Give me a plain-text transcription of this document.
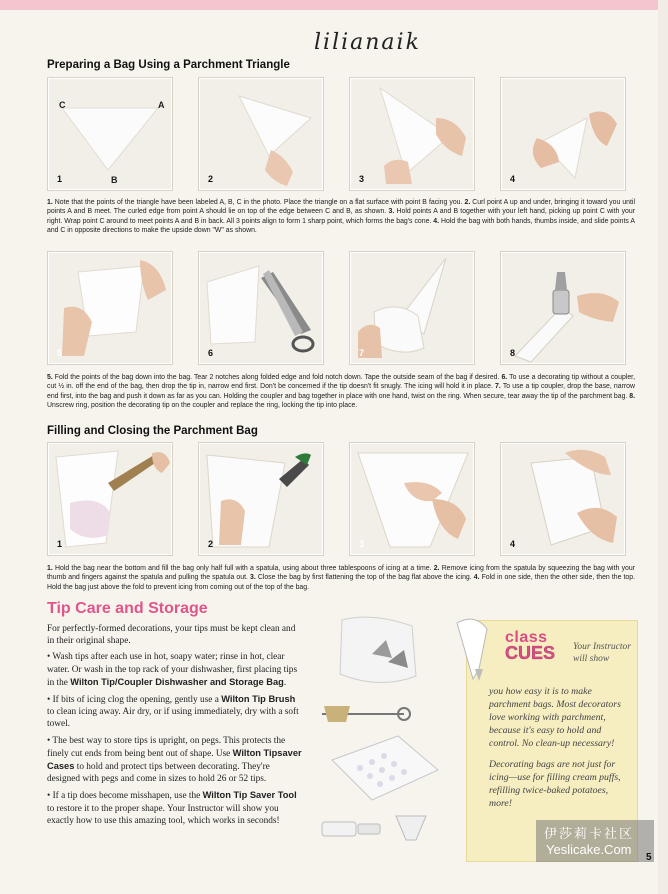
lilianaik
Preparing a Bag Using a Parchment Triangle
C	A
B
1	2	3	4
1. Note that the points of the triangle have been labeled A, B, C in the photo. Place the triangle on a flat surface with point B facing you. 2. Curl point A up and under, bringing it toward you until points A and B meet. The curled edge from point A should lie on top of the edge between C and B, as shown. 3. Hold points A and B together with your left hand, picking up point C with your right. Wrap point C around to meet points A and B in back. All 3 points align to form 1 sharp point, which forms the bag's cone. 4. Hold the bag with both hands, thumbs inside, and slide points A and C in opposite directions to make the upside down "W" as shown.
5	6	7	8
5. Fold the points of the bag down into the bag. Tear 2 notches along folded edge and fold notch down. Tape the outside seam of the bag if desired. 6. To use a decorating tip without a coupler, cut ½ in. off the end of the bag, then drop the tip in, narrow end first. Don't be concerned if the tip doesn't fit snugly. The icing will hold it in place. 7. To use a tip coupler, drop the base, narrow end first, into the bag and push it down as far as you can. Holding the coupler and bag together in place with one hand, twist on the ring. When secure, tear away the tip of the parchment bag. 8. Unscrew ring, position the decorating tip on the coupler and replace the ring, locking the tip into place.
Filling and Closing the Parchment Bag
1	2	3	4
1. Hold the bag near the bottom and fill the bag only half full with a spatula, using about three tablespoons of icing at a time. 2. Remove icing from the spatula by squeezing the bag with your thumb and fingers against the spatula and pulling the spatula out. 3. Close the bag by first flattening the top of the bag flat above the icing. 4. Fold in one side, then the other side, then the top. Hold the bag just above the fold to prevent icing from coming out of the top of the bag.
Tip Care and Storage

For perfectly-formed decorations, your tips must be kept clean and in their original shape.

• Wash tips after each use in hot, soapy water; rinse in hot, clear water. Or wash in the top rack of your dishwasher, first placing tips in the Wilton Tip/Coupler Dishwasher and Storage Bag.

• If bits of icing clog the opening, gently use a Wilton Tip Brush to clean icing away. Air dry, or if using immediately, dry with a soft towel.

• The best way to store tips is upright, on pegs. This protects the finely cut ends from being bent out of shape. Use Wilton Tipsaver Cases to hold and protect tips between decorating. They're designed with pegs and come in sizes to hold 26 or 52 tips.

• If a tip does become misshapen, use the Wilton Tip Saver Tool to restore it to the proper shape. Your Instructor will show you exactly how to use this amazing tool, which works in seconds!

class
CUES Your Instructor will show

you how easy it is to make parchment bags. Most decorators love working with parchment, because it's easy to hold and control. No clean-up necessary!

Decorating bags are not just for icing—use for filling cream puffs, refilling twice-baked potatoes, more!

伊莎莉卡社区
Yeslicake.Com
5
